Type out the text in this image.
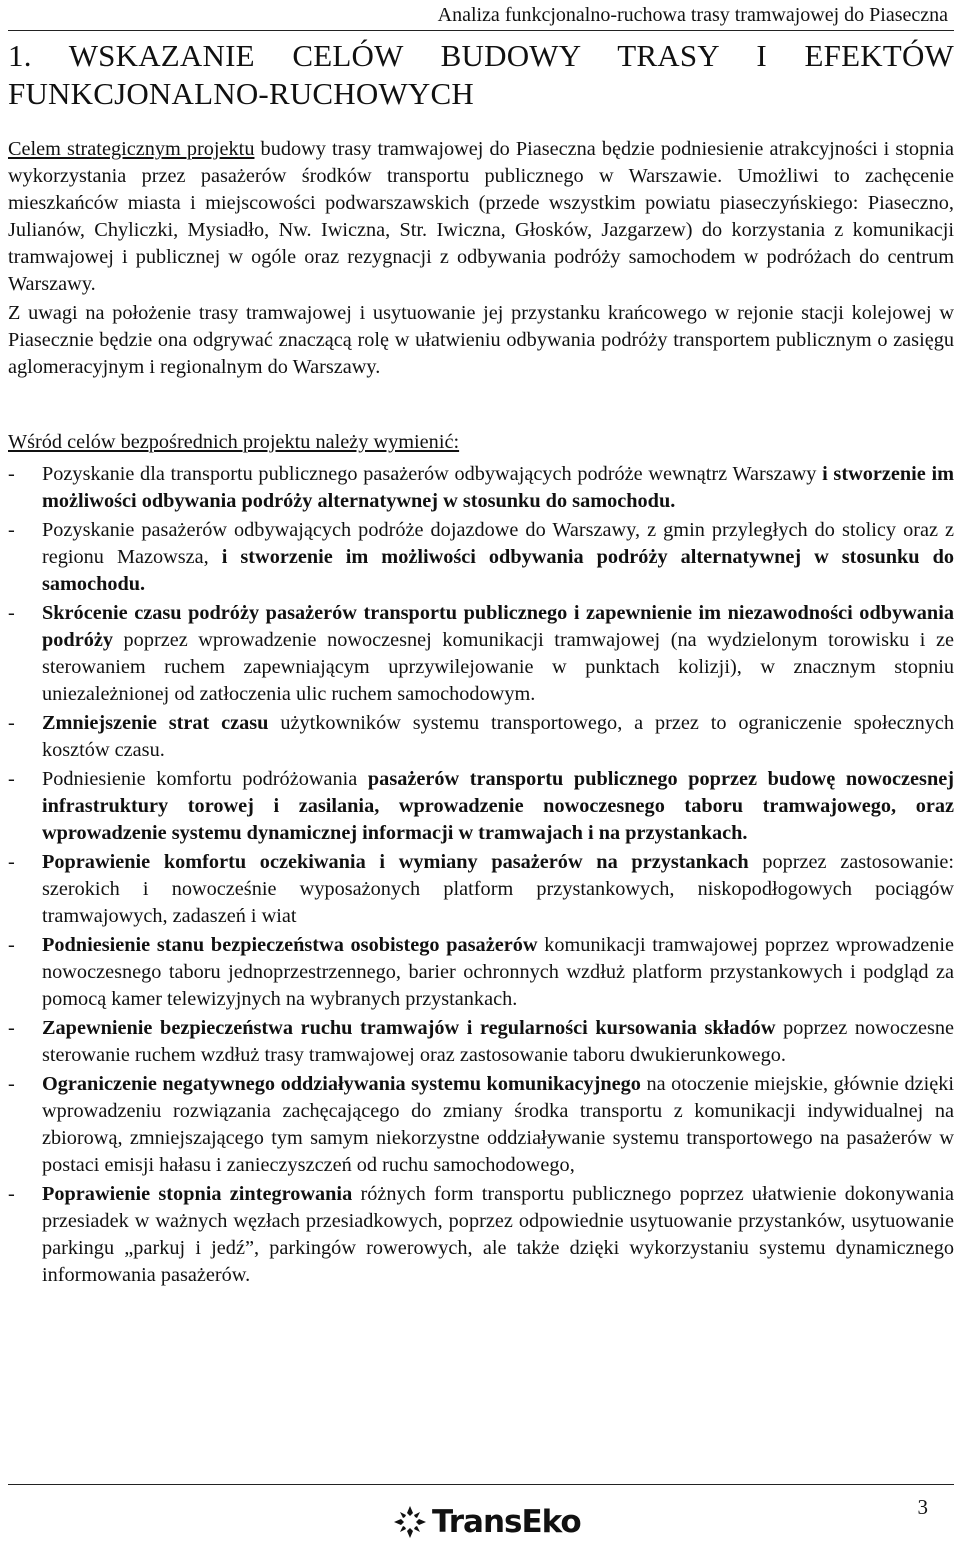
Analiza funkcjonalno-ruchowa trasy tramwajowej do Piaseczna
1. WSKAZANIE CELÓW BUDOWY TRASY I EFEKTÓW FUNKCJONALNO-RUCHOWYCH

Celem strategicznym projektu budowy trasy tramwajowej do Piaseczna będzie podniesienie atrakcyjności i stopnia wykorzystania przez pasażerów środków transportu publicznego w Warszawie. Umożliwi to zachęcenie mieszkańców miasta i miejscowości podwarszawskich (przede wszystkim powiatu piaseczyńskiego: Piaseczno, Julianów, Chyliczki, Mysiadło, Nw. Iwiczna, Str. Iwiczna, Głosków, Jazgarzew) do korzystania z komunikacji tramwajowej i publicznej w ogóle oraz rezygnacji z odbywania podróży samochodem w podróżach do centrum Warszawy.

Z uwagi na położenie trasy tramwajowej i usytuowanie jej przystanku krańcowego w rejonie stacji kolejowej w Piasecznie będzie ona odgrywać znaczącą rolę w ułatwieniu odbywania podróży transportem publicznym o zasięgu aglomeracyjnym i regionalnym do Warszawy.

Wśród celów bezpośrednich projektu należy wymienić:

-	Pozyskanie dla transportu publicznego pasażerów odbywających podróże wewnątrz Warszawy i stworzenie im możliwości odbywania podróży alternatywnej w stosunku do samochodu.
-	Pozyskanie pasażerów odbywających podróże dojazdowe do Warszawy, z gmin przyległych do stolicy oraz z regionu Mazowsza, i stworzenie im możliwości odbywania podróży alternatywnej w stosunku do samochodu.
-	Skrócenie czasu podróży pasażerów transportu publicznego i zapewnienie im niezawodności odbywania podróży poprzez wprowadzenie nowoczesnej komunikacji tramwajowej (na wydzielonym torowisku i ze sterowaniem ruchem zapewniającym uprzywilejowanie w punktach kolizji), w znacznym stopniu uniezależnionej od zatłoczenia ulic ruchem samochodowym.
-	Zmniejszenie strat czasu użytkowników systemu transportowego, a przez to ograniczenie społecznych kosztów czasu.
-	Podniesienie komfortu podróżowania pasażerów transportu publicznego poprzez budowę nowoczesnej infrastruktury torowej i zasilania, wprowadzenie nowoczesnego taboru tramwajowego, oraz wprowadzenie systemu dynamicznej informacji w tramwajach i na przystankach.
-	Poprawienie komfortu oczekiwania i wymiany pasażerów na przystankach poprzez zastosowanie: szerokich i nowocześnie wyposażonych platform przystankowych, niskopodłogowych pociągów tramwajowych, zadaszeń i wiat
-	Podniesienie stanu bezpieczeństwa osobistego pasażerów komunikacji tramwajowej poprzez wprowadzenie nowoczesnego taboru jednoprzestrzennego, barier ochronnych wzdłuż platform przystankowych i podgląd za pomocą kamer telewizyjnych na wybranych przystankach.
-	Zapewnienie bezpieczeństwa ruchu tramwajów i regularności kursowania składów poprzez nowoczesne sterowanie ruchem wzdłuż trasy tramwajowej oraz zastosowanie taboru dwukierunkowego.
-	Ograniczenie negatywnego oddziaływania systemu komunikacyjnego na otoczenie miejskie, głównie dzięki wprowadzeniu rozwiązania zachęcającego do zmiany środka transportu z komunikacji indywidualnej na zbiorową, zmniejszającego tym samym niekorzystne oddziaływanie systemu transportowego na pasażerów w postaci emisji hałasu i zanieczyszczeń od ruchu samochodowego,
-	Poprawienie stopnia zintegrowania różnych form transportu publicznego poprzez ułatwienie dokonywania przesiadek w ważnych węzłach przesiadkowych, poprzez odpowiednie usytuowanie przystanków, usytuowanie parkingu „parkuj i jedź”, parkingów rowerowych, ale także dzięki wykorzystaniu systemu dynamicznego informowania pasażerów.
TransEko	3
